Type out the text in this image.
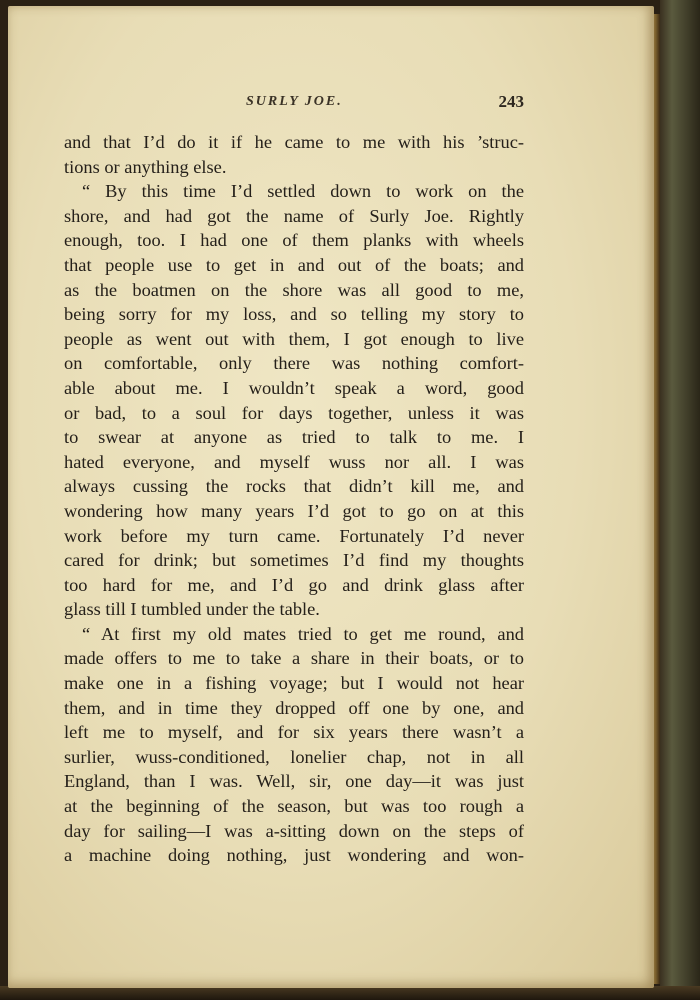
SURLY JOE.	243
and that I’d do it if he came to me with his ’struc-
tions or anything else.
“ By this time I’d settled down to work on the
shore, and had got the name of Surly Joe. Rightly
enough, too. I had one of them planks with wheels
that people use to get in and out of the boats; and
as the boatmen on the shore was all good to me,
being sorry for my loss, and so telling my story to
people as went out with them, I got enough to live
on comfortable, only there was nothing comfort-
able about me. I wouldn’t speak a word, good
or bad, to a soul for days together, unless it was
to swear at anyone as tried to talk to me. I
hated everyone, and myself wuss nor all. I was
always cussing the rocks that didn’t kill me, and
wondering how many years I’d got to go on at this
work before my turn came. Fortunately I’d never
cared for drink; but sometimes I’d find my thoughts
too hard for me, and I’d go and drink glass after
glass till I tumbled under the table.
“ At first my old mates tried to get me round, and
made offers to me to take a share in their boats, or to
make one in a fishing voyage; but I would not hear
them, and in time they dropped off one by one, and
left me to myself, and for six years there wasn’t a
surlier, wuss-conditioned, lonelier chap, not in all
England, than I was. Well, sir, one day—it was just
at the beginning of the season, but was too rough a
day for sailing—I was a-sitting down on the steps of
a machine doing nothing, just wondering and won-
